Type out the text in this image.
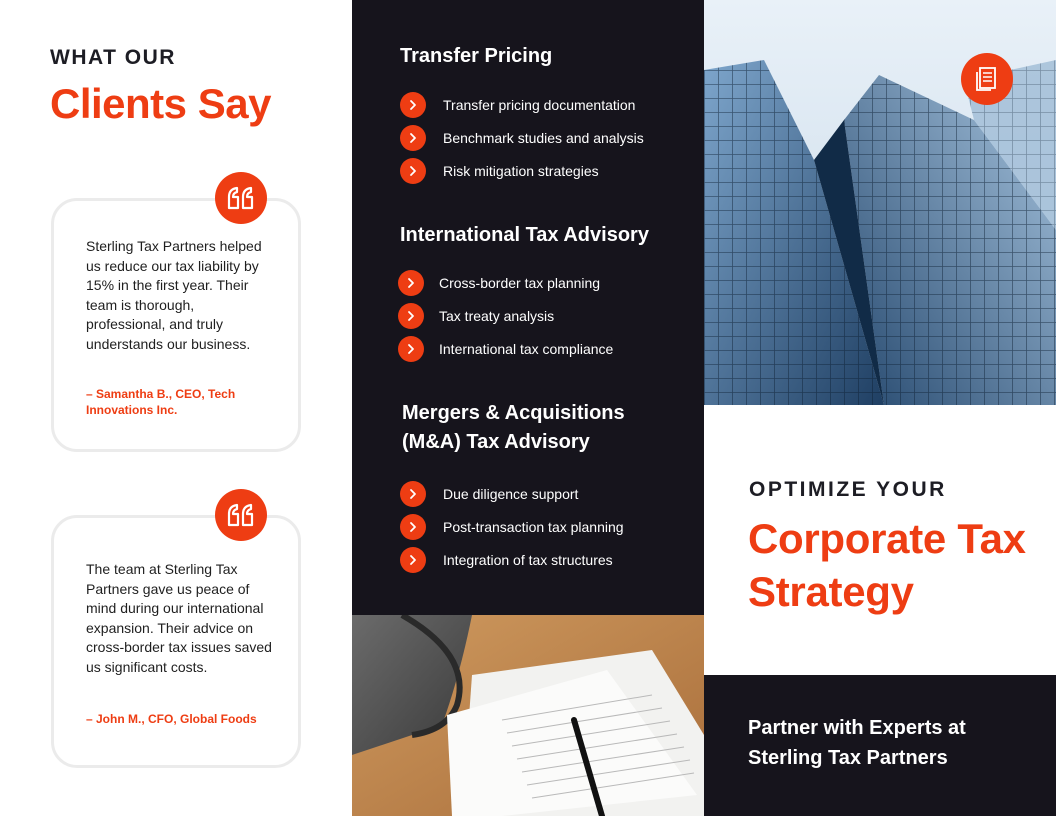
WHAT OUR
Clients Say

Sterling Tax Partners helped us reduce our tax liability by 15% in the first year. Their team is thorough, professional, and truly understands our business.

– Samantha B., CEO, Tech Innovations Inc.

The team at Sterling Tax Partners gave us peace of mind during our international expansion. Their advice on cross-border tax issues saved us significant costs.

– John M., CFO, Global Foods

Transfer Pricing
Transfer pricing documentation
Benchmark studies and analysis
Risk mitigation strategies
International Tax Advisory
Cross-border tax planning
Tax treaty analysis
International tax compliance
Mergers & Acquisitions (M&A) Tax Advisory
Due diligence support
Post-transaction tax planning
Integration of tax structures
OPTIMIZE YOUR
Corporate Tax Strategy
Partner with Experts at Sterling Tax Partners
